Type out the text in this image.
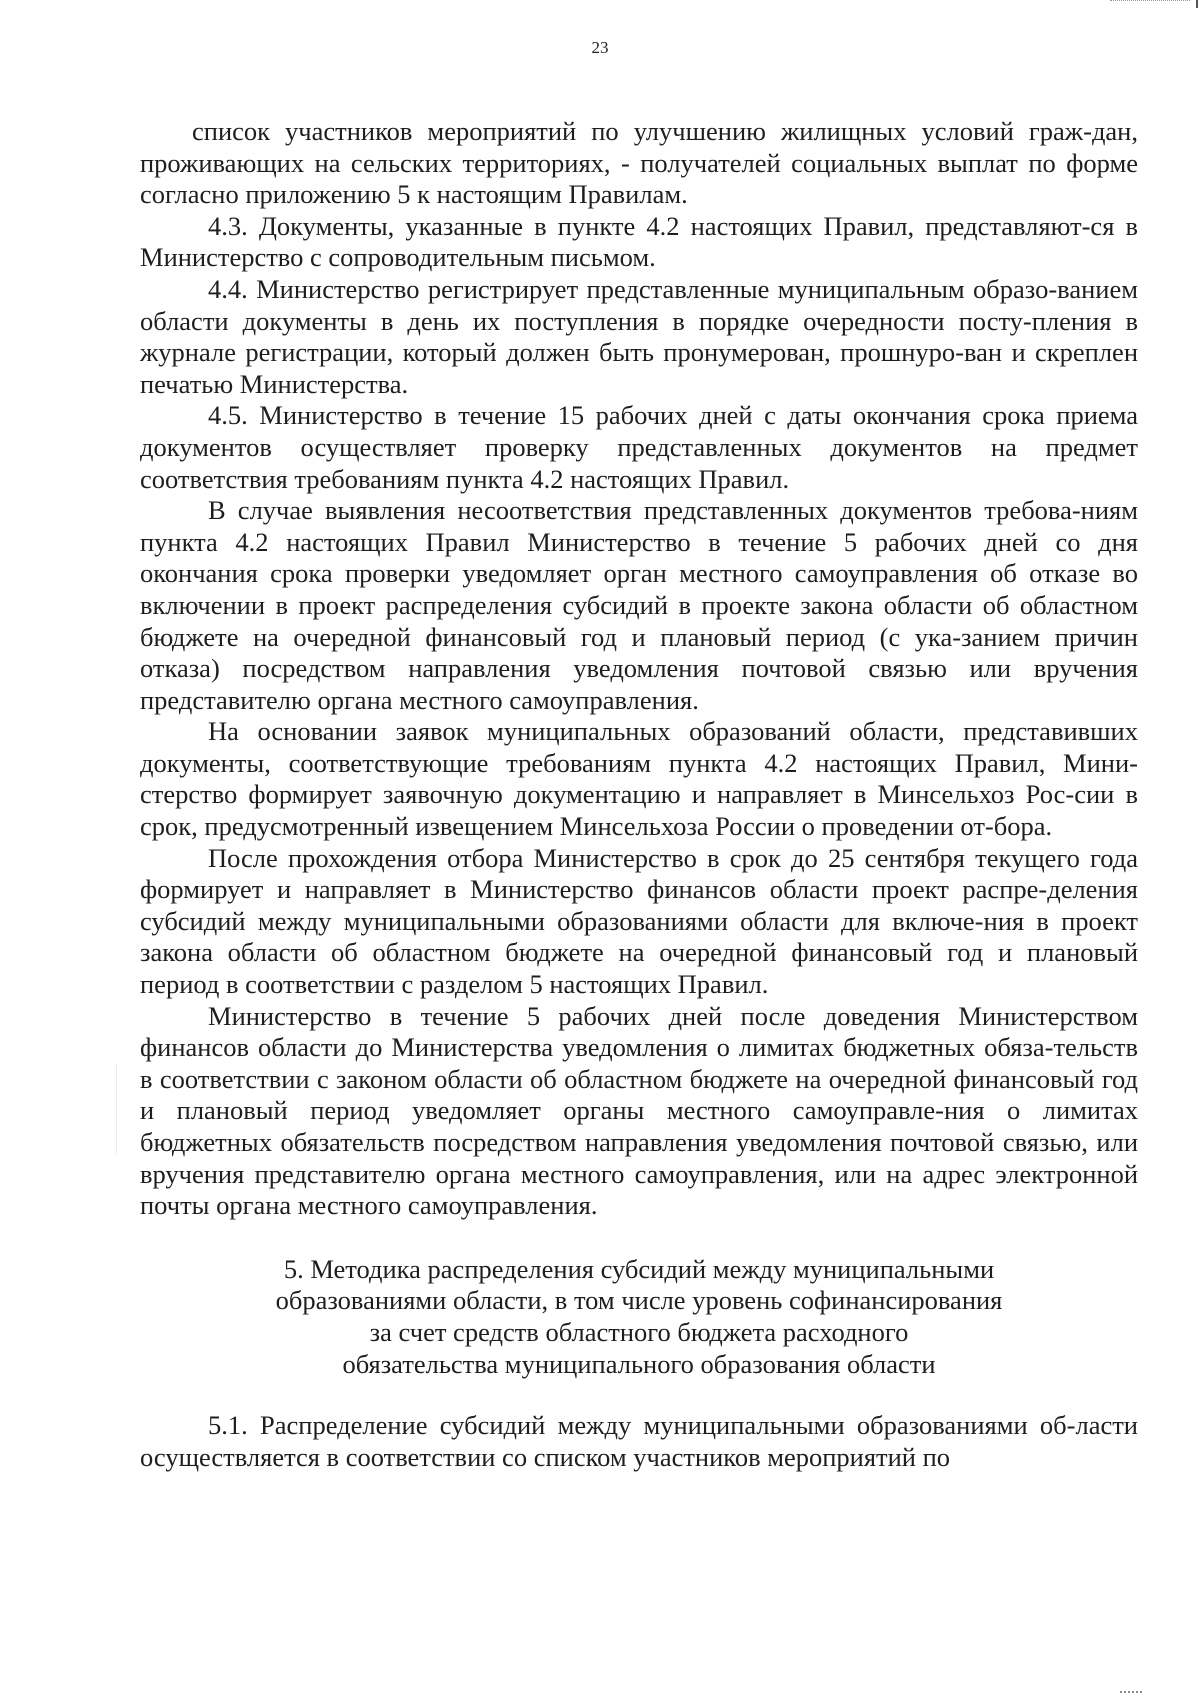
23

список участников мероприятий по улучшению жилищных условий граж-дан, проживающих на сельских территориях, - получателей социальных выплат по форме согласно приложению 5 к настоящим Правилам.

4.3. Документы, указанные в пункте 4.2 настоящих Правил, представляют-ся в Министерство с сопроводительным письмом.

4.4. Министерство регистрирует представленные муниципальным образо-ванием области документы в день их поступления в порядке очередности посту-пления в журнале регистрации, который должен быть пронумерован, прошнуро-ван и скреплен печатью Министерства.

4.5. Министерство в течение 15 рабочих дней с даты окончания срока приема документов осуществляет проверку представленных документов на предмет соответствия требованиям пункта 4.2 настоящих Правил.

В случае выявления несоответствия представленных документов требова-ниям пункта 4.2 настоящих Правил Министерство в течение 5 рабочих дней со дня окончания срока проверки уведомляет орган местного самоуправления об отказе во включении в проект распределения субсидий в проекте закона области об областном бюджете на очередной финансовый год и плановый период (с ука-занием причин отказа) посредством направления уведомления почтовой связью или вручения представителю органа местного самоуправления.

На основании заявок муниципальных образований области, представивших документы, соответствующие требованиям пункта 4.2 настоящих Правил, Мини-стерство формирует заявочную документацию и направляет в Минсельхоз Рос-сии в срок, предусмотренный извещением Минсельхоза России о проведении от-бора.

После прохождения отбора Министерство в срок до 25 сентября текущего года формирует и направляет в Министерство финансов области проект распре-деления субсидий между муниципальными образованиями области для включе-ния в проект закона области об областном бюджете на очередной финансовый год и плановый период в соответствии с разделом 5 настоящих Правил.

Министерство в течение 5 рабочих дней после доведения Министерством финансов области до Министерства уведомления о лимитах бюджетных обяза-тельств в соответствии с законом области об областном бюджете на очередной финансовый год и плановый период уведомляет органы местного самоуправле-ния о лимитах бюджетных обязательств посредством направления уведомления почтовой связью, или вручения представителю органа местного самоуправления, или на адрес электронной почты органа местного самоуправления.

5. Методика распределения субсидий между муниципальными
образованиями области, в том числе уровень софинансирования
за счет средств областного бюджета расходного
обязательства муниципального образования области

5.1. Распределение субсидий между муниципальными образованиями об-ласти осуществляется в соответствии со списком участников мероприятий по
